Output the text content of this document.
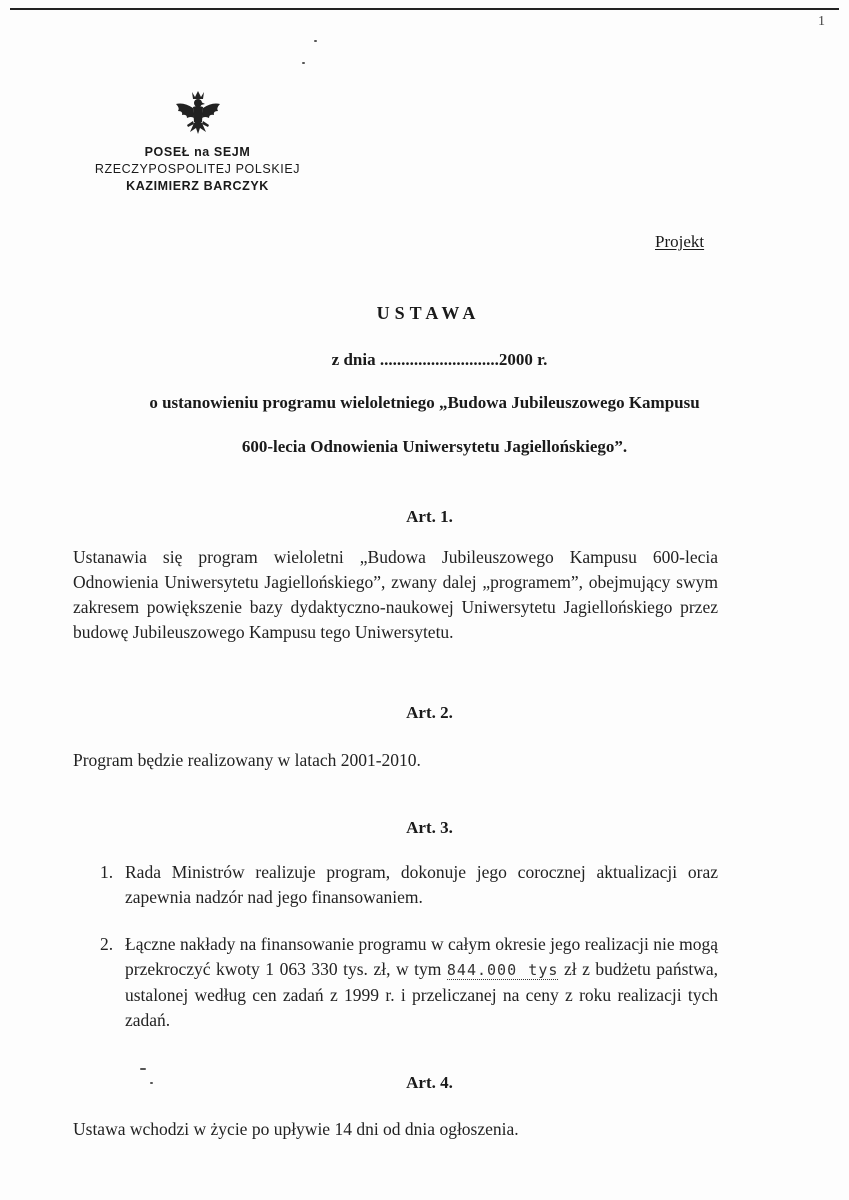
1
POSEŁ na SEJM
RZECZYPOSPOLITEJ POLSKIEJ
KAZIMIERZ BARCZYK
Projekt
USTAWA
z dnia ............................2000 r.
o ustanowieniu programu wieloletniego „Budowa Jubileuszowego Kampusu
600-lecia Odnowienia Uniwersytetu Jagiellońskiego”.
Art. 1.
Ustanawia się program wieloletni „Budowa Jubileuszowego Kampusu 600-lecia Odnowienia Uniwersytetu Jagiellońskiego”, zwany dalej „programem”, obejmujący swym zakresem powiększenie bazy dydaktyczno-naukowej Uniwersytetu Jagiellońskiego przez budowę Jubileuszowego Kampusu tego Uniwersytetu.
Art. 2.
Program będzie realizowany w latach 2001-2010.
Art. 3.
1. Rada Ministrów realizuje program, dokonuje jego corocznej aktualizacji oraz zapewnia nadzór nad jego finansowaniem.
2. Łączne nakłady na finansowanie programu w całym okresie jego realizacji nie mogą przekroczyć kwoty 1 063 330 tys. zł, w tym 844.000 tys zł z budżetu państwa, ustalonej według cen zadań z 1999 r. i przeliczanej na ceny z roku realizacji tych zadań.
Art. 4.
Ustawa wchodzi w życie po upływie 14 dni od dnia ogłoszenia.
